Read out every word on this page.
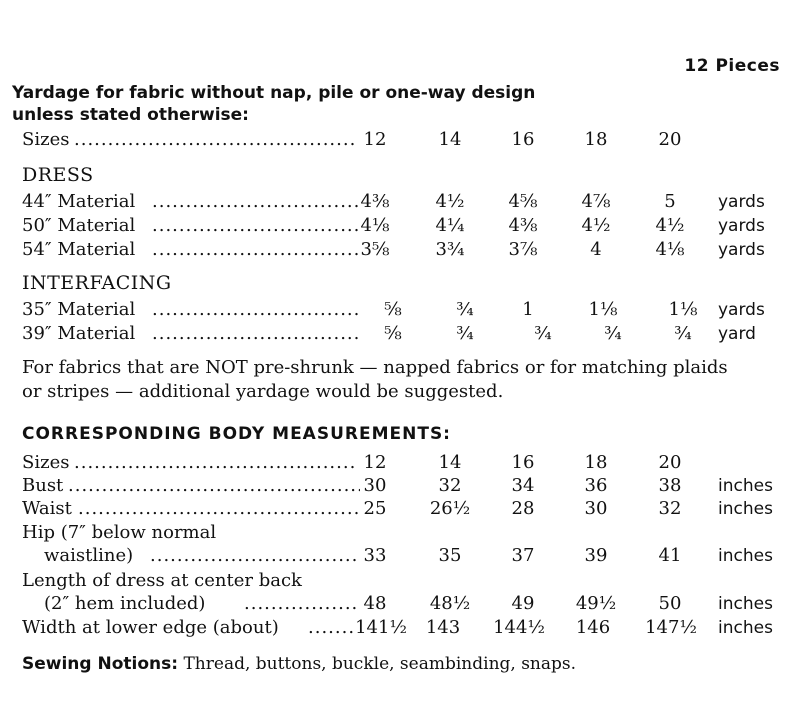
12 Pieces
Yardage for fabric without nap, pile or one-way design
unless stated otherwise:
Sizes .....	12	14	16	18	20
DRESS
44″ Material .....	4⅜	4½	4⅝	4⅞	5	yards
50″ Material .....	4⅛	4¼	4⅜	4½	4½	yards
54″ Material .....	3⅝	3¾	3⅞	4	4⅛	yards
INTERFACING
35″ Material .....	⅝	¾	1	1⅛	1⅛	yards
39″ Material .....	⅝	¾	¾	¾	¾	yard
For fabrics that are NOT pre-shrunk — napped fabrics or for matching plaids
or stripes — additional yardage would be suggested.
CORRESPONDING BODY MEASUREMENTS:
Sizes .....	12	14	16	18	20
Bust .....	30	32	34	36	38	inches
Waist .....	25	26½	28	30	32	inches
Hip (7″ below normal
waistline) .....	33	35	37	39	41	inches
Length of dress at center back
(2″ hem included) .....	48	48½	49	49½	50	inches
Width at lower edge (about) .....	141½	143	144½	146	147½ inches
Sewing Notions: Thread, buttons, buckle, seambinding, snaps.
